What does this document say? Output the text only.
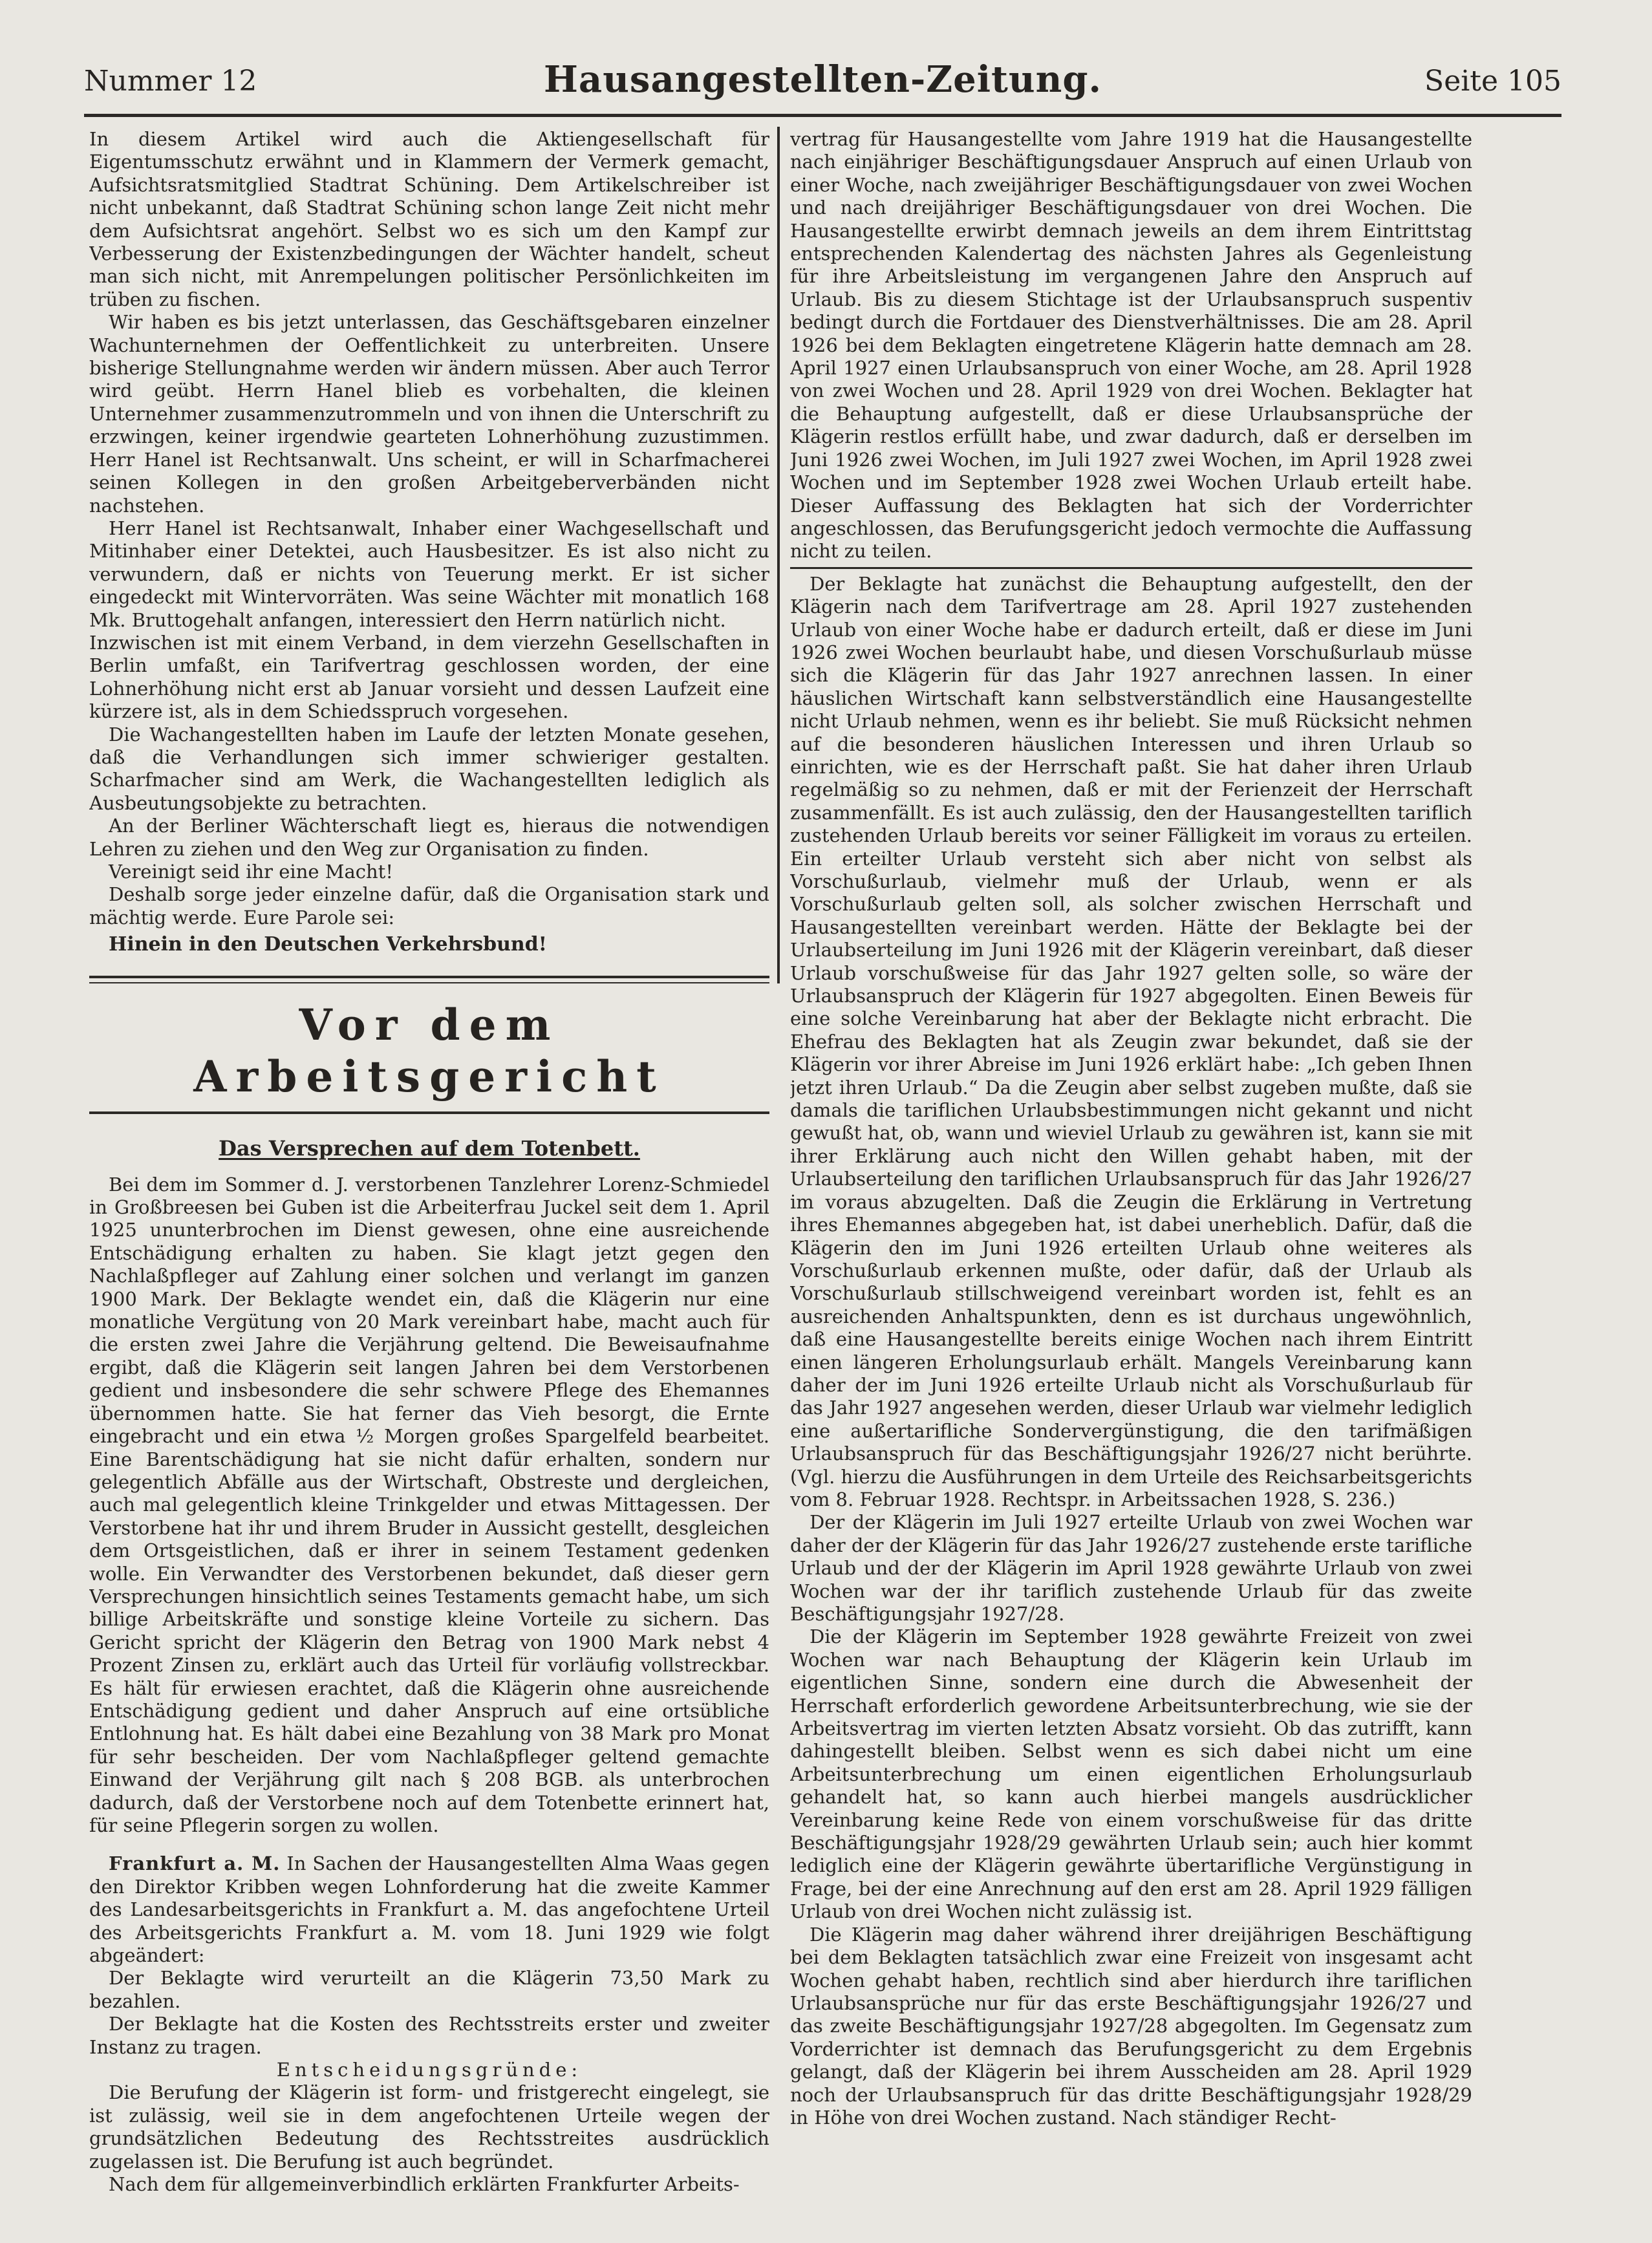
Nummer 12	Hausangestellten-Zeitung.	Seite 105

In diesem Artikel wird auch die Aktiengesellschaft für Eigentumsschutz erwähnt und in Klammern der Vermerk gemacht, Aufsichtsratsmitglied Stadtrat Schüning. Dem Artikelschreiber ist nicht unbekannt, daß Stadtrat Schüning schon lange Zeit nicht mehr dem Aufsichtsrat angehört. Selbst wo es sich um den Kampf zur Verbesserung der Existenzbedingungen der Wächter handelt, scheut man sich nicht, mit Anrempelungen politischer Persönlichkeiten im trüben zu fischen.

Wir haben es bis jetzt unterlassen, das Geschäftsgebaren einzelner Wachunternehmen der Oeffentlichkeit zu unterbreiten. Unsere bisherige Stellungnahme werden wir ändern müssen. Aber auch Terror wird geübt. Herrn Hanel blieb es vorbehalten, die kleinen Unternehmer zusammenzutrommeln und von ihnen die Unterschrift zu erzwingen, keiner irgendwie gearteten Lohnerhöhung zuzustimmen. Herr Hanel ist Rechtsanwalt. Uns scheint, er will in Scharfmacherei seinen Kollegen in den großen Arbeitgeberverbänden nicht nachstehen.

Herr Hanel ist Rechtsanwalt, Inhaber einer Wachgesellschaft und Mitinhaber einer Detektei, auch Hausbesitzer. Es ist also nicht zu verwundern, daß er nichts von Teuerung merkt. Er ist sicher eingedeckt mit Wintervorräten. Was seine Wächter mit monatlich 168 Mk. Bruttogehalt anfangen, interessiert den Herrn natürlich nicht.

Inzwischen ist mit einem Verband, in dem vierzehn Gesellschaften in Berlin umfaßt, ein Tarifvertrag geschlossen worden, der eine Lohnerhöhung nicht erst ab Januar vorsieht und dessen Laufzeit eine kürzere ist, als in dem Schiedsspruch vorgesehen.

Die Wachangestellten haben im Laufe der letzten Monate gesehen, daß die Verhandlungen sich immer schwieriger gestalten. Scharfmacher sind am Werk, die Wachangestellten lediglich als Ausbeutungsobjekte zu betrachten.

An der Berliner Wächterschaft liegt es, hieraus die notwendigen Lehren zu ziehen und den Weg zur Organisation zu finden.

Vereinigt seid ihr eine Macht!

Deshalb sorge jeder einzelne dafür, daß die Organisation stark und mächtig werde. Eure Parole sei:

Hinein in den Deutschen Verkehrsbund!

Vor dem Arbeitsgericht
Das Versprechen auf dem Totenbett.

Bei dem im Sommer d. J. verstorbenen Tanzlehrer Lorenz-Schmiedel in Großbreesen bei Guben ist die Arbeiterfrau Juckel seit dem 1. April 1925 ununterbrochen im Dienst gewesen, ohne eine ausreichende Entschädigung erhalten zu haben. Sie klagt jetzt gegen den Nachlaßpfleger auf Zahlung einer solchen und verlangt im ganzen 1900 Mark. Der Beklagte wendet ein, daß die Klägerin nur eine monatliche Vergütung von 20 Mark vereinbart habe, macht auch für die ersten zwei Jahre die Verjährung geltend. Die Beweisaufnahme ergibt, daß die Klägerin seit langen Jahren bei dem Verstorbenen gedient und insbesondere die sehr schwere Pflege des Ehemannes übernommen hatte. Sie hat ferner das Vieh besorgt, die Ernte eingebracht und ein etwa ½ Morgen großes Spargelfeld bearbeitet. Eine Barentschädigung hat sie nicht dafür erhalten, sondern nur gelegentlich Abfälle aus der Wirtschaft, Obstreste und dergleichen, auch mal gelegentlich kleine Trinkgelder und etwas Mittagessen. Der Verstorbene hat ihr und ihrem Bruder in Aussicht gestellt, desgleichen dem Ortsgeistlichen, daß er ihrer in seinem Testament gedenken wolle. Ein Verwandter des Verstorbenen bekundet, daß dieser gern Versprechungen hinsichtlich seines Testaments gemacht habe, um sich billige Arbeitskräfte und sonstige kleine Vorteile zu sichern. Das Gericht spricht der Klägerin den Betrag von 1900 Mark nebst 4 Prozent Zinsen zu, erklärt auch das Urteil für vorläufig vollstreckbar. Es hält für erwiesen erachtet, daß die Klägerin ohne ausreichende Entschädigung gedient und daher Anspruch auf eine ortsübliche Entlohnung hat. Es hält dabei eine Bezahlung von 38 Mark pro Monat für sehr bescheiden. Der vom Nachlaßpfleger geltend gemachte Einwand der Verjährung gilt nach § 208 BGB. als unterbrochen dadurch, daß der Verstorbene noch auf dem Totenbette erinnert hat, für seine Pflegerin sorgen zu wollen.

Frankfurt a. M. In Sachen der Hausangestellten Alma Waas gegen den Direktor Kribben wegen Lohnforderung hat die zweite Kammer des Landesarbeitsgerichts in Frankfurt a. M. das angefochtene Urteil des Arbeitsgerichts Frankfurt a. M. vom 18. Juni 1929 wie folgt abgeändert:

Der Beklagte wird verurteilt an die Klägerin 73,50 Mark zu bezahlen.

Der Beklagte hat die Kosten des Rechtsstreits erster und zweiter Instanz zu tragen.

Entscheidungsgründe:

Die Berufung der Klägerin ist form- und fristgerecht eingelegt, sie ist zulässig, weil sie in dem angefochtenen Urteile wegen der grundsätzlichen Bedeutung des Rechtsstreites ausdrücklich zugelassen ist. Die Berufung ist auch begründet.

Nach dem für allgemeinverbindlich erklärten Frankfurter Arbeits-

vertrag für Hausangestellte vom Jahre 1919 hat die Hausangestellte nach einjähriger Beschäftigungsdauer Anspruch auf einen Urlaub von einer Woche, nach zweijähriger Beschäftigungsdauer von zwei Wochen und nach dreijähriger Beschäftigungsdauer von drei Wochen. Die Hausangestellte erwirbt demnach jeweils an dem ihrem Eintrittstag entsprechenden Kalendertag des nächsten Jahres als Gegenleistung für ihre Arbeitsleistung im vergangenen Jahre den Anspruch auf Urlaub. Bis zu diesem Stichtage ist der Urlaubsanspruch suspentiv bedingt durch die Fortdauer des Dienstverhältnisses. Die am 28. April 1926 bei dem Beklagten eingetretene Klägerin hatte demnach am 28. April 1927 einen Urlaubsanspruch von einer Woche, am 28. April 1928 von zwei Wochen und 28. April 1929 von drei Wochen. Beklagter hat die Behauptung aufgestellt, daß er diese Urlaubsansprüche der Klägerin restlos erfüllt habe, und zwar dadurch, daß er derselben im Juni 1926 zwei Wochen, im Juli 1927 zwei Wochen, im April 1928 zwei Wochen und im September 1928 zwei Wochen Urlaub erteilt habe. Dieser Auffassung des Beklagten hat sich der Vorderrichter angeschlossen, das Berufungsgericht jedoch vermochte die Auffassung nicht zu teilen.

Der Beklagte hat zunächst die Behauptung aufgestellt, den der Klägerin nach dem Tarifvertrage am 28. April 1927 zustehenden Urlaub von einer Woche habe er dadurch erteilt, daß er diese im Juni 1926 zwei Wochen beurlaubt habe, und diesen Vorschußurlaub müsse sich die Klägerin für das Jahr 1927 anrechnen lassen. In einer häuslichen Wirtschaft kann selbstverständlich eine Hausangestellte nicht Urlaub nehmen, wenn es ihr beliebt. Sie muß Rücksicht nehmen auf die besonderen häuslichen Interessen und ihren Urlaub so einrichten, wie es der Herrschaft paßt. Sie hat daher ihren Urlaub regelmäßig so zu nehmen, daß er mit der Ferienzeit der Herrschaft zusammenfällt. Es ist auch zulässig, den der Hausangestellten tariflich zustehenden Urlaub bereits vor seiner Fälligkeit im voraus zu erteilen. Ein erteilter Urlaub versteht sich aber nicht von selbst als Vorschußurlaub, vielmehr muß der Urlaub, wenn er als Vorschußurlaub gelten soll, als solcher zwischen Herrschaft und Hausangestellten vereinbart werden. Hätte der Beklagte bei der Urlaubserteilung im Juni 1926 mit der Klägerin vereinbart, daß dieser Urlaub vorschußweise für das Jahr 1927 gelten solle, so wäre der Urlaubsanspruch der Klägerin für 1927 abgegolten. Einen Beweis für eine solche Vereinbarung hat aber der Beklagte nicht erbracht. Die Ehefrau des Beklagten hat als Zeugin zwar bekundet, daß sie der Klägerin vor ihrer Abreise im Juni 1926 erklärt habe: „Ich geben Ihnen jetzt ihren Urlaub.“ Da die Zeugin aber selbst zugeben mußte, daß sie damals die tariflichen Urlaubsbestimmungen nicht gekannt und nicht gewußt hat, ob, wann und wieviel Urlaub zu gewähren ist, kann sie mit ihrer Erklärung auch nicht den Willen gehabt haben, mit der Urlaubserteilung den tariflichen Urlaubsanspruch für das Jahr 1926/27 im voraus abzugelten. Daß die Zeugin die Erklärung in Vertretung ihres Ehemannes abgegeben hat, ist dabei unerheblich. Dafür, daß die Klägerin den im Juni 1926 erteilten Urlaub ohne weiteres als Vorschußurlaub erkennen mußte, oder dafür, daß der Urlaub als Vorschußurlaub stillschweigend vereinbart worden ist, fehlt es an ausreichenden Anhaltspunkten, denn es ist durchaus ungewöhnlich, daß eine Hausangestellte bereits einige Wochen nach ihrem Eintritt einen längeren Erholungsurlaub erhält. Mangels Vereinbarung kann daher der im Juni 1926 erteilte Urlaub nicht als Vorschußurlaub für das Jahr 1927 angesehen werden, dieser Urlaub war vielmehr lediglich eine außertarifliche Sondervergünstigung, die den tarifmäßigen Urlaubsanspruch für das Beschäftigungsjahr 1926/27 nicht berührte. (Vgl. hierzu die Ausführungen in dem Urteile des Reichsarbeitsgerichts vom 8. Februar 1928. Rechtspr. in Arbeitssachen 1928, S. 236.)

Der der Klägerin im Juli 1927 erteilte Urlaub von zwei Wochen war daher der der Klägerin für das Jahr 1926/27 zustehende erste tarifliche Urlaub und der der Klägerin im April 1928 gewährte Urlaub von zwei Wochen war der ihr tariflich zustehende Urlaub für das zweite Beschäftigungsjahr 1927/28.

Die der Klägerin im September 1928 gewährte Freizeit von zwei Wochen war nach Behauptung der Klägerin kein Urlaub im eigentlichen Sinne, sondern eine durch die Abwesenheit der Herrschaft erforderlich gewordene Arbeitsunterbrechung, wie sie der Arbeitsvertrag im vierten letzten Absatz vorsieht. Ob das zutrifft, kann dahingestellt bleiben. Selbst wenn es sich dabei nicht um eine Arbeitsunterbrechung um einen eigentlichen Erholungsurlaub gehandelt hat, so kann auch hierbei mangels ausdrücklicher Vereinbarung keine Rede von einem vorschußweise für das dritte Beschäftigungsjahr 1928/29 gewährten Urlaub sein; auch hier kommt lediglich eine der Klägerin gewährte übertarifliche Vergünstigung in Frage, bei der eine Anrechnung auf den erst am 28. April 1929 fälligen Urlaub von drei Wochen nicht zulässig ist.

Die Klägerin mag daher während ihrer dreijährigen Beschäftigung bei dem Beklagten tatsächlich zwar eine Freizeit von insgesamt acht Wochen gehabt haben, rechtlich sind aber hierdurch ihre tariflichen Urlaubsansprüche nur für das erste Beschäftigungsjahr 1926/27 und das zweite Beschäftigungsjahr 1927/28 abgegolten. Im Gegensatz zum Vorderrichter ist demnach das Berufungsgericht zu dem Ergebnis gelangt, daß der Klägerin bei ihrem Ausscheiden am 28. April 1929 noch der Urlaubsanspruch für das dritte Beschäftigungsjahr 1928/29 in Höhe von drei Wochen zustand. Nach ständiger Recht-
